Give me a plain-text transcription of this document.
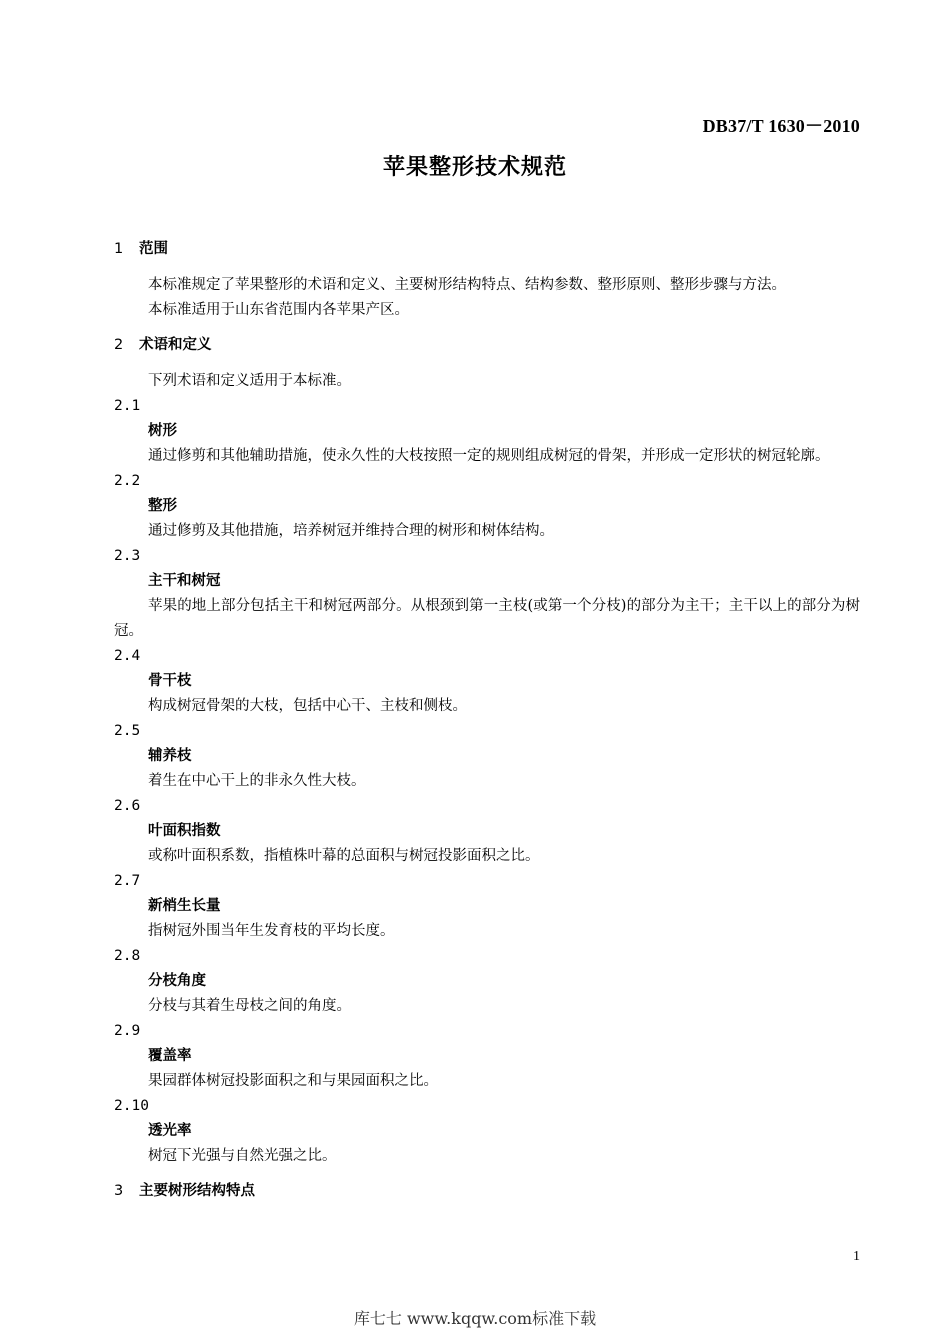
DB37/T 1630－2010
苹果整形技术规范
1 范围
本标准规定了苹果整形的术语和定义、主要树形结构特点、结构参数、整形原则、整形步骤与方法。
本标准适用于山东省范围内各苹果产区。
2 术语和定义
下列术语和定义适用于本标准。
2.1
树形
通过修剪和其他辅助措施，使永久性的大枝按照一定的规则组成树冠的骨架，并形成一定形状的树冠轮廓。
2.2
整形
通过修剪及其他措施，培养树冠并维持合理的树形和树体结构。
2.3
主干和树冠
苹果的地上部分包括主干和树冠两部分。从根颈到第一主枝(或第一个分枝)的部分为主干；主干以上的部分为树冠。
2.4
骨干枝
构成树冠骨架的大枝，包括中心干、主枝和侧枝。
2.5
辅养枝
着生在中心干上的非永久性大枝。
2.6
叶面积指数
或称叶面积系数，指植株叶幕的总面积与树冠投影面积之比。
2.7
新梢生长量
指树冠外围当年生发育枝的平均长度。
2.8
分枝角度
分枝与其着生母枝之间的角度。
2.9
覆盖率
果园群体树冠投影面积之和与果园面积之比。
2.10
透光率
树冠下光强与自然光强之比。
3 主要树形结构特点
1
库七七 www.kqqw.com标准下载
